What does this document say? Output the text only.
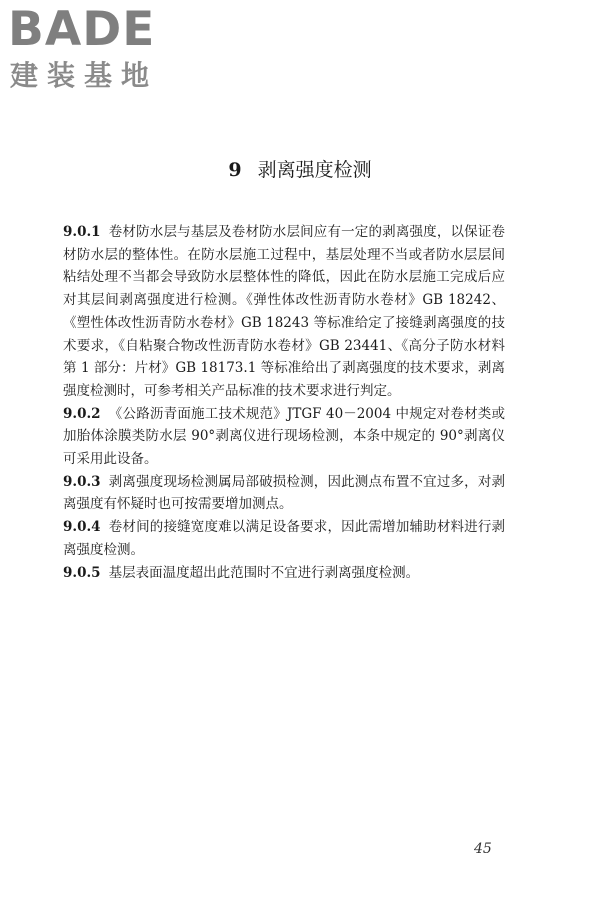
BADE
建装基地
9 剥离强度检测

9.0.1 卷材防水层与基层及卷材防水层间应有一定的剥离强度，以保证卷材防水层的整体性。在防水层施工过程中，基层处理不当或者防水层层间粘结处理不当都会导致防水层整体性的降低，因此在防水层施工完成后应对其层间剥离强度进行检测。《弹性体改性沥青防水卷材》GB 18242、《塑性体改性沥青防水卷材》GB 18243 等标准给定了接缝剥离强度的技术要求，《自粘聚合物改性沥青防水卷材》GB 23441、《高分子防水材料　第 1 部分：片材》GB 18173.1 等标准给出了剥离强度的技术要求，剥离强度检测时，可参考相关产品标准的技术要求进行判定。

9.0.2 《公路沥青面施工技术规范》JTGF 40－2004 中规定对卷材类或加胎体涂膜类防水层 90°剥离仪进行现场检测，本条中规定的 90°剥离仪可采用此设备。

9.0.3 剥离强度现场检测属局部破损检测，因此测点布置不宜过多，对剥离强度有怀疑时也可按需要增加测点。

9.0.4 卷材间的接缝宽度难以满足设备要求，因此需增加辅助材料进行剥离强度检测。

9.0.5 基层表面温度超出此范围时不宜进行剥离强度检测。

45
